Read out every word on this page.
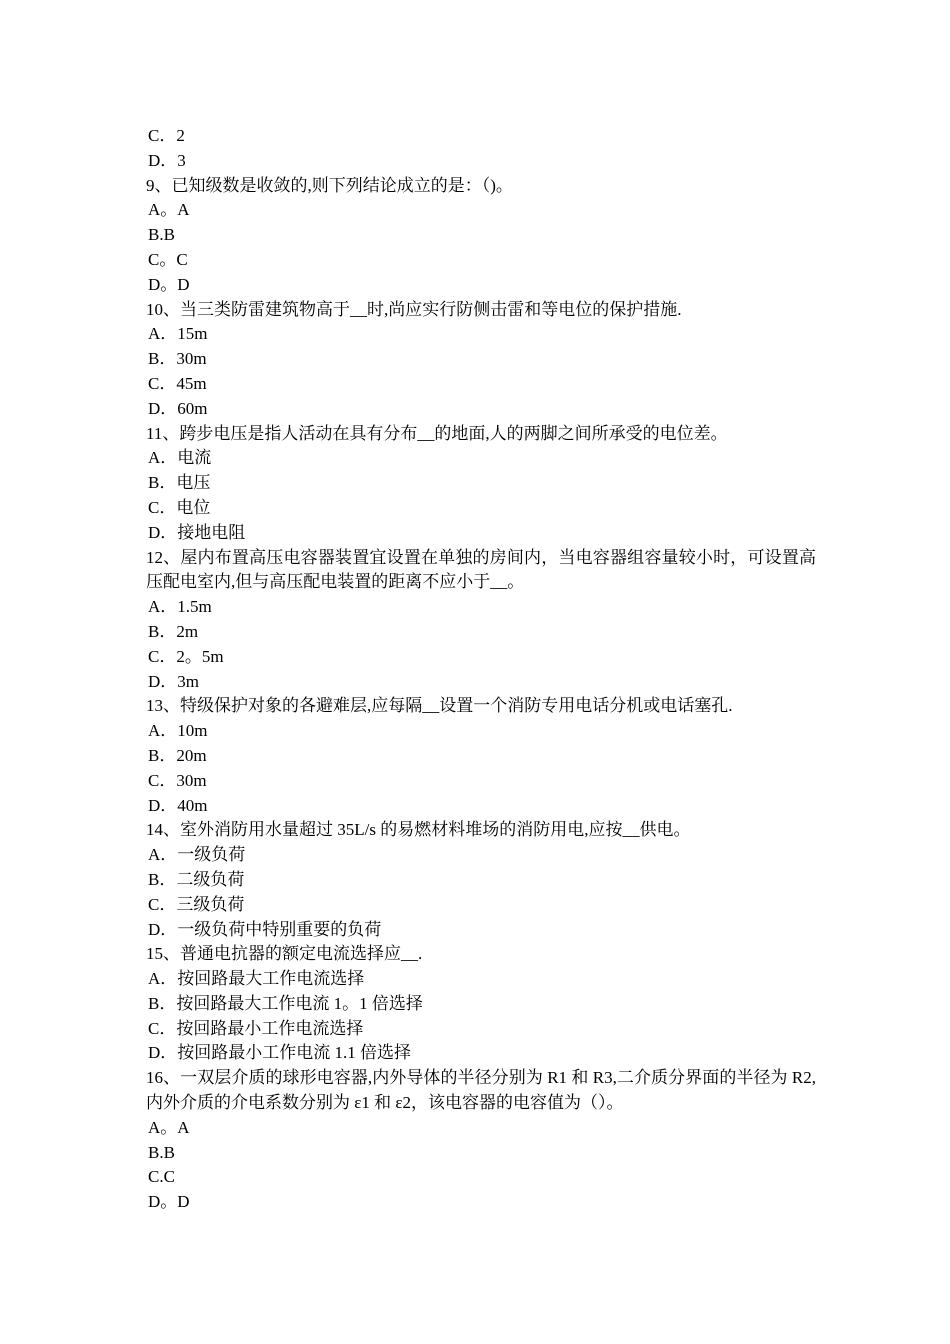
C．2
D．3
9、已知级数是收敛的,则下列结论成立的是：（)。
A。A
B.B
C。C
D。D
10、当三类防雷建筑物高于__时,尚应实行防侧击雷和等电位的保护措施.
A．15m
B．30m
C．45m
D．60m
11、跨步电压是指人活动在具有分布__的地面,人的两脚之间所承受的电位差。
A．电流
B．电压
C．电位
D．接地电阻
12、屋内布置高压电容器装置宜设置在单独的房间内，当电容器组容量较小时，可设置高压配电室内,但与高压配电装置的距离不应小于__。
A．1.5m
B．2m
C．2。5m
D．3m
13、特级保护对象的各避难层,应每隔__设置一个消防专用电话分机或电话塞孔.
A．10m
B．20m
C．30m
D．40m
14、室外消防用水量超过 35L/s 的易燃材料堆场的消防用电,应按__供电。
A．一级负荷
B．二级负荷
C．三级负荷
D．一级负荷中特别重要的负荷
15、普通电抗器的额定电流选择应__.
A．按回路最大工作电流选择
B．按回路最大工作电流 1。1 倍选择
C．按回路最小工作电流选择
D．按回路最小工作电流 1.1 倍选择
16、一双层介质的球形电容器,内外导体的半径分别为 R1 和 R3,二介质分界面的半径为 R2,内外介质的介电系数分别为 ε1 和 ε2，该电容器的电容值为（）。
A。A
B.B
C.C
D。D
